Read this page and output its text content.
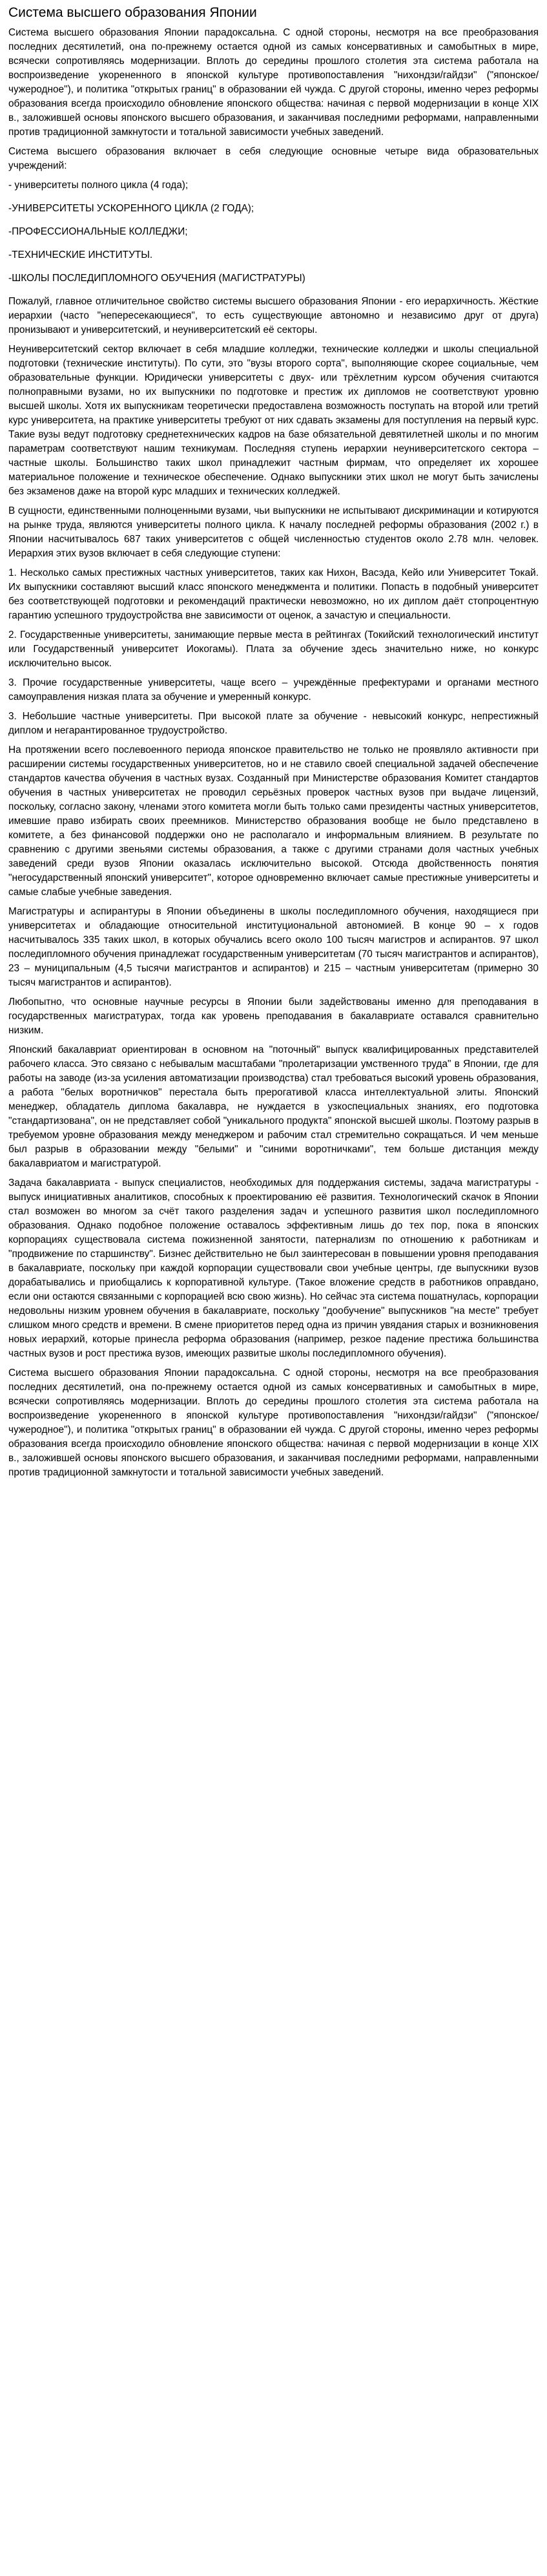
Система высшего образования Японии

Система высшего образования Японии парадоксальна. С одной стороны, несмотря на все преобразования последних десятилетий, она по-прежнему остается одной из самых консервативных и самобытных в мире, всячески сопротивляясь модернизации. Вплоть до середины прошлого столетия эта система работала на воспроизведение укорененного в японской культуре противопоставления "нихондзи/гайдзи" ("японское/чужеродное"), и политика "открытых границ" в образовании ей чужда. С другой стороны, именно через реформы образования всегда происходило обновление японского общества: начиная с первой модернизации в конце XIX в., заложившей основы японского высшего образования, и заканчивая последними реформами, направленными против традиционной замкнутости и тотальной зависимости учебных заведений.

Система высшего образования включает в себя следующие основные четыре вида образовательных учреждений:

- университеты полного цикла (4 года);
-УНИВЕРСИТЕТЫ УСКОРЕННОГО ЦИКЛА (2 ГОДА);
-ПРОФЕССИОНАЛЬНЫЕ КОЛЛЕДЖИ;
-ТЕХНИЧЕСКИЕ ИНСТИТУТЫ.
-ШКОЛЫ ПОСЛЕДИПЛОМНОГО ОБУЧЕНИЯ (МАГИСТРАТУРЫ)

Пожалуй, главное отличительное свойство системы высшего образования Японии - его иерархичность. Жёсткие иерархии (часто "непересекающиеся", то есть существующие автономно и независимо друг от друга) пронизывают и университетский, и неуниверситетский её секторы.

Неуниверситетский сектор включает в себя младшие колледжи, технические колледжи и школы специальной подготовки (технические институты). По сути, это "вузы второго сорта", выполняющие скорее социальные, чем образовательные функции. Юридически университеты с двух- или трёхлетним курсом обучения считаются полноправными вузами, но их выпускники по подготовке и престиж их дипломов не соответствуют уровню высшей школы. Хотя их выпускникам теоретически предоставлена возможность поступать на второй или третий курс университета, на практике университеты требуют от них сдавать экзамены для поступления на первый курс. Такие вузы ведут подготовку среднетехнических кадров на базе обязательной девятилетней школы и по многим параметрам соответствуют нашим техникумам. Последняя ступень иерархии неуниверситетского сектора – частные школы. Большинство таких школ принадлежит частным фирмам, что определяет их хорошее материальное положение и техническое обеспечение. Однако выпускники этих школ не могут быть зачислены без экзаменов даже на второй курс младших и технических колледжей.

В сущности, единственными полноценными вузами, чьи выпускники не испытывают дискриминации и котируются на рынке труда, являются университеты полного цикла. К началу последней реформы образования (2002 г.) в Японии насчитывалось 687 таких университетов с общей численностью студентов около 2.78 млн. человек. Иерархия этих вузов включает в себя следующие ступени:

1. Несколько самых престижных частных университетов, таких как Нихон, Васэда, Кейо или Университет Токай. Их выпускники составляют высший класс японского менеджмента и политики. Попасть в подобный университет без соответствующей подготовки и рекомендаций практически невозможно, но их диплом даёт стопроцентную гарантию успешного трудоустройства вне зависимости от оценок, а зачастую и специальности.

2. Государственные университеты, занимающие первые места в рейтингах (Токийский технологический институт или Государственный университет Иокогамы). Плата за обучение здесь значительно ниже, но конкурс исключительно высок.

3. Прочие государственные университеты, чаще всего – учреждённые префектурами и органами местного самоуправления низкая плата за обучение и умеренный конкурс.

3. Небольшие частные университеты. При высокой плате за обучение - невысокий конкурс, непрестижный диплом и негарантированное трудоустройство.

На протяжении всего послевоенного периода японское правительство не только не проявляло активности при расширении системы государственных университетов, но и не ставило своей специальной задачей обеспечение стандартов качества обучения в частных вузах. Созданный при Министерстве образования Комитет стандартов обучения в частных университетах не проводил серьёзных проверок частных вузов при выдаче лицензий, поскольку, согласно закону, членами этого комитета могли быть только сами президенты частных университетов, имевшие право избирать своих преемников. Министерство образования вообще не было представлено в комитете, а без финансовой поддержки оно не располагало и информальным влиянием. В результате по сравнению с другими звеньями системы образования, а также с другими странами доля частных учебных заведений среди вузов Японии оказалась исключительно высокой. Отсюда двойственность понятия "негосударственный японский университет", которое одновременно включает самые престижные университеты и самые слабые учебные заведения.

Магистратуры и аспирантуры в Японии объединены в школы последипломного обучения, находящиеся при университетах и обладающие относительной институциональной автономией. В конце 90 – х годов насчитывалось 335 таких школ, в которых обучались всего около 100 тысяч магистров и аспирантов. 97 школ последипломного обучения принадлежат государственным университетам (70 тысяч магистрантов и аспирантов), 23 – муниципальным (4,5 тысячи магистрантов и аспирантов) и 215 – частным университетам (примерно 30 тысяч магистрантов и аспирантов).

Любопытно, что основные научные ресурсы в Японии были задействованы именно для преподавания в государственных магистратурах, тогда как уровень преподавания в бакалавриате оставался сравнительно низким.

Японский бакалавриат ориентирован в основном на "поточный" выпуск квалифицированных представителей рабочего класса. Это связано с небывалым масштабами "пролетаризации умственного труда" в Японии, где для работы на заводе (из-за усиления автоматизации производства) стал требоваться высокий уровень образования, а работа "белых воротничков" перестала быть прерогативой класса интеллектуальной элиты. Японский менеджер, обладатель диплома бакалавра, не нуждается в узкоспециальных знаниях, его подготовка "стандартизована", он не представляет собой "уникального продукта" японской высшей школы. Поэтому разрыв в требуемом уровне образования между менеджером и рабочим стал стремительно сокращаться. И чем меньше был разрыв в образовании между "белыми" и "синими воротничками", тем больше дистанция между бакалавриатом и магистратурой.

Задача бакалавриата - выпуск специалистов, необходимых для поддержания системы, задача магистратуры - выпуск инициативных аналитиков, способных к проектированию её развития. Технологический скачок в Японии стал возможен во многом за счёт такого разделения задач и успешного развития школ последипломного образования. Однако подобное положение оставалось эффективным лишь до тех пор, пока в японских корпорациях существовала система пожизненной занятости, патернализм по отношению к работникам и "продвижение по старшинству". Бизнес действительно не был заинтересован в повышении уровня преподавания в бакалавриате, поскольку при каждой корпорации существовали свои учебные центры, где выпускники вузов дорабатывались и приобщались к корпоративной культуре. (Такое вложение средств в работников оправдано, если они остаются связанными с корпорацией всю свою жизнь). Но сейчас эта система пошатнулась, корпорации недовольны низким уровнем обучения в бакалавриате, поскольку "дообучение" выпускников "на месте" требует слишком много средств и времени. В смене приоритетов перед одна из причин увядания старых и возникновения новых иерархий, которые принесла реформа образования (например, резкое падение престижа большинства частных вузов и рост престижа вузов, имеющих развитые школы последипломного обучения).

Система высшего образования Японии парадоксальна. С одной стороны, несмотря на все преобразования последних десятилетий, она по-прежнему остается одной из самых консервативных и самобытных в мире, всячески сопротивляясь модернизации. Вплоть до середины прошлого столетия эта система работала на воспроизведение укорененного в японской культуре противопоставления "нихондзи/гайдзи" ("японское/чужеродное"), и политика "открытых границ" в образовании ей чужда. С другой стороны, именно через реформы образования всегда происходило обновление японского общества: начиная с первой модернизации в конце XIX в., заложившей основы японского высшего образования, и заканчивая последними реформами, направленными против традиционной замкнутости и тотальной зависимости учебных заведений.
